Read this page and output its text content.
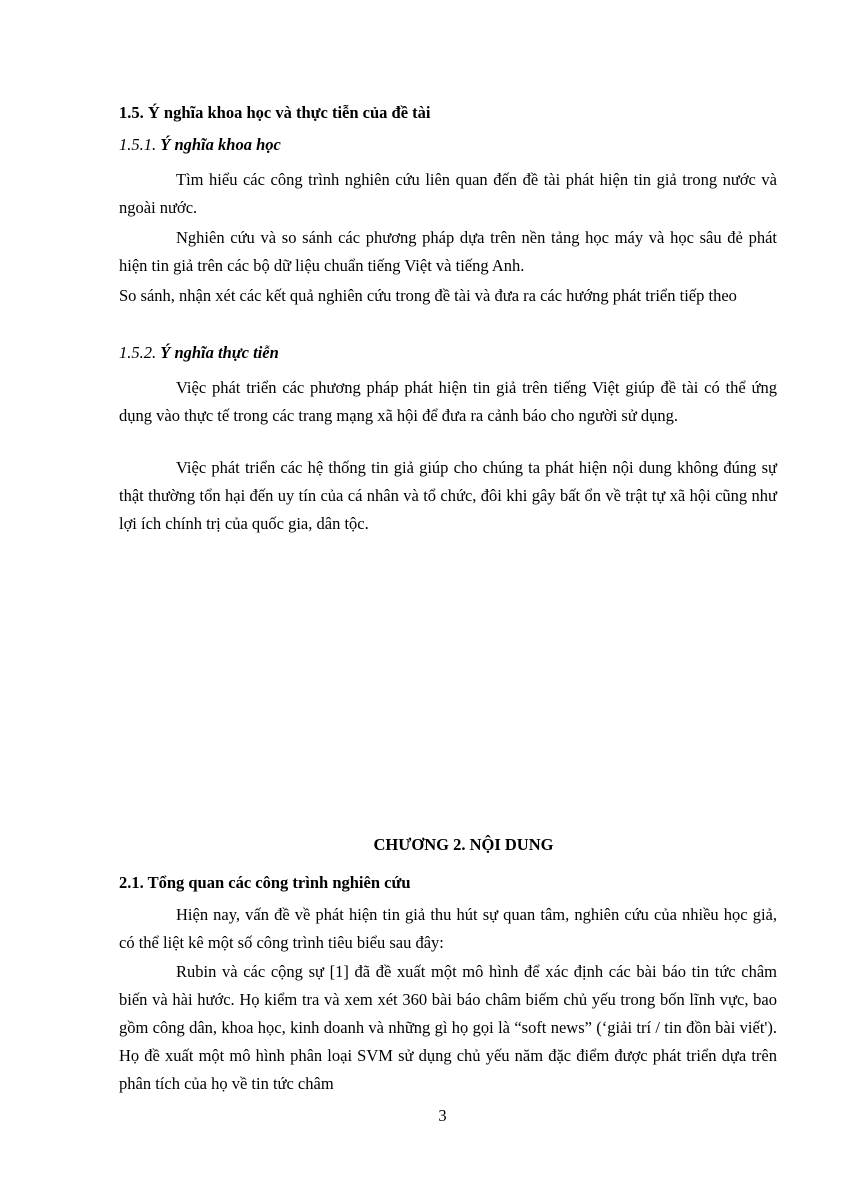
1.5. Ý nghĩa khoa học và thực tiễn của đề tài

1.5.1. Ý nghĩa khoa học

Tìm hiểu các công trình nghiên cứu liên quan đến đề tài phát hiện tin giả trong nước và ngoài nước.

Nghiên cứu và so sánh các phương pháp dựa trên nền tảng học máy và học sâu đẻ phát hiện tin giả trên các bộ dữ liệu chuẩn tiếng Việt và tiếng Anh.

So sánh, nhận xét các kết quả nghiên cứu trong đề tài và đưa ra các hướng phát triển tiếp theo

1.5.2. Ý nghĩa thực tiễn

Việc phát triển các phương pháp phát hiện tin giả trên tiếng Việt giúp đề tài có thể ứng dụng vào thực tế trong các trang mạng xã hội để đưa ra cảnh báo cho người sử dụng.

Việc phát triển các hệ thống tin giả giúp cho chúng ta phát hiện nội dung không đúng sự thật thường tổn hại đến uy tín của cá nhân và tổ chức, đôi khi gây bất ổn về trật tự xã hội cũng như lợi ích chính trị của quốc gia, dân tộc.

CHƯƠNG 2. NỘI DUNG

2.1. Tổng quan các công trình nghiên cứu

Hiện nay, vấn đề về phát hiện tin giả thu hút sự quan tâm, nghiên cứu của nhiều học giả, có thể liệt kê một số công trình tiêu biểu sau đây:

Rubin và các cộng sự [1] đã đề xuất một mô hình để xác định các bài báo tin tức châm biến và hài hước. Họ kiểm tra và xem xét 360 bài báo châm biếm chủ yếu trong bốn lĩnh vực, bao gồm công dân, khoa học, kinh doanh và những gì họ gọi là “soft news” (‘giải trí / tin đồn bài viết'). Họ đề xuất một mô hình phân loại SVM sử dụng chủ yếu năm đặc điểm được phát triển dựa trên phân tích của họ về tin tức châm

3
